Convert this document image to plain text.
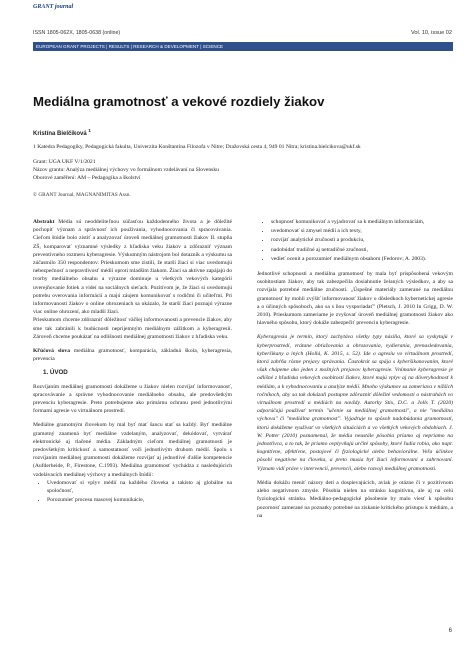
GRANT journal
ISSN 1805-062X, 1805-0638 (online)	Vol. 10, issue 02
EUROPEAN GRANT PROJECTS | RESULTS | RESEARCH & DEVELOPMENT | SCIENCE
Mediálna gramotnosť a vekové rozdiely žiakov
Kristína Bielčiková $^1$
1 Katedra Pedagogiky, Pedagogická fakulta, Univerzita Konštantína Filozofa v Nitre; Dražovská cesta 4, 949 01 Nitra; kristina.bielcikova@ukf.sk
Grant: UGA UKF V/1/2021
Názov grantu: Analýza mediálnej výchovy vo formálnom vzdelávaní na Slovensku
Oborové zaměření: AM – Pedagogika a školství
© GRANT Journal, MAGNANIMITAS Assn.

Abstrakt Média sú neoddeliteľnou súčasťou každodenného života a je dôležité pochopiť význam a správnosť ich používania, vyhodnocovania či spracovávania. Cieľom štúdie bolo zistiť a analyzovať úroveň mediálnej gramotnosti žiakov II. stupňa ZŠ, komparovať významné výsledky z hľadiska veku žiakov a zdôrazniť význam preventívneho rozmeru kyberagresie. Výskumným nástrojom bol dotazník a výskumu sa zúčastnilo 350 respondentov. Prieskumom sme zistili, že starší žiaci si viac uvedomujú nebezpečnosť a nepravdivosť médií oproti mladším žiakom. Žiaci sa aktívne zapájajú do tvorby mediálneho obsahu a výrazne dominuje u všetkých vekových kategórií uverejňovanie fotiek a videí na sociálnych sieťach. Pozitívom je, že žiaci si uvedomujú potrebu overovania informácií a majú záujem komunikovať s rodičmi či učiteľmi. Pri informovanosti žiakov o online ohrozeniach sa ukázalo, že starší žiaci poznajú výrazne viac online ohrození, ako mladší žiaci.

Prieskumom chceme zdôrazniť dôležitosť väčšej informovanosti a prevencie žiakov, aby sme tak zabránili k budúcnosti neprijemným mediálnym zážitkom a kyberagresii. Zároveň chceme poukázať na odlišnosti mediálnej gramotnosti žiakov z hľadiska veku.

Kľúčová slova mediálna gramotnosť, komparácia, základná škola, kyberagresia, prevencia

1. ÚVOD

Rozvíjaním mediálnej gramotnosti dokážeme u žiakov nielen rozvíjať informovanosť, spracovávanie a správne vyhodnocovanie mediálneho obsahu, ale predovšetkým prevenciu kyberagresie. Preto potrebujeme ako primárnu ochranu pred jednotlivými formami agresie vo virtuálnom prostredí.

Mediálne gramotným človekom by mal byť mať šancu stať sa každý. Byť mediálne gramotný znamená byť mediálne vzdelaným, analyzovať, dekódovať, vytvárať elektronické aj tlačené média. Základným cieľom mediálnej gramotnosti je predovšetkým kritickosť a samostatnosť voči jednotlivým druhom médií. Spolu s rozvíjaním mediálnej gramotnosti dokážeme rozvíjať aj jednotlivé ďalšie kompetencie (Aufderheide, P., Firestone, C.1993). Mediálna gramotnosť vychádza z nasledujúcich vzdelávacích mediálnej výchovy a mediálnych štúdií:

• Uvedomovať si vplyv médií na každého človeka a takisto aj globálne na spoločnosť,
• Porozumieť procesu masovej komunikácie,
• schopnosť komunikovať a vyjadrovať sa k mediálnym informáciám,
• uvedomovať si zmysel médií a ich texty,
• rozvíjať analytické zručnosti a produkciu,
• nadobúdať tradičné aj netradičné zručnosti,
• vedieť ocenit a porozumieť mediálnym obsahom (Fedorov; A. 2003).

Jednotlivé schopnosti a mediálna gramotnosť by mala byť prispôsobená vekovým osobitostiam žiakov, aby tak zabezpečila dosiahnutie želaných výsledkov, a aby sa rozvíjala potrebné mediálne zručnosti. „Úspešné materiály zamerané na mediálnu gramotnosť by mohli zvýšiť informovanosť žiakov o dôsledkoch kybernetickej agresie a o účinných spôsoboch, ako sa s ňou vysporiadať" (Pletsch, J. 2010 In Grigg, D. W. 2010). Prieskumom zameriame je zvyšovať úroveň mediálnej gramotnosti žiakov ako hlavného spôsobu, ktorý dokáže zabezpečiť prevenciu kyberagresie.

Kyberagresia je termín, ktorý zachytáva všetky typy násilia, ktoré sa vyskytujú v kyberprostredí, vrátane obťažovania a ohrozovania, vydierania, prenasledovania, kyberšikany a iných (Hollá, K. 2015, s. 52). Ide o agresiu vo virtuálnom prostredí, ktorá zahŕňa rôzne prejavy správania. Častokrát sa spája s kyberšikanovaním, ktoré však chápeme ako jeden z možných prejavov kyberagresie. Vnímanie kyberagresie je odlišné z hľadiska vekových osobitostí žiakov, ktoré majú vplyv aj na dôveryhodnosť k médiám, a k vyhodnocovaniu a analýze médií. Mnoho výskumov sa zameriava v nižších ročníkoch, aby sa tak dokázali postupne zdôrazniť dôležité vedomosti o nástrahách vo virtuálnom prostredí a médiách na navždy. Autorky Stix, D.C. a Jolls T. (2020) odporúčajú používať termín "učenie sa mediálnej gramotnosti", a nie "mediálna výchova" či "mediálna gramotnosť". Vyjadruje to spôsob nadobúdania gramotnosti, ktorú dokážeme využívať vo všetkých situáciách a vo všetkých vekových obdobiach. J. W. Potter (2010) poznamenal, že média neustále pôsobia priamo aj nepriamo na jednotlivca, a to tak, že priamo ovplyvňujú určité spôsoby, ktoré ľudia robia, ako napr. kognitívne, afektívne, postojové či fyziologické alebo behaviorálne. Veľa účinkov pôsobí negatívne na človeka, a preto musia byť žiaci informovaní a zahrnovaní. Význam vidí práve v intervencii, prevencii, alebo rozvoji mediálnej gramotnosti.

Média dokážu meniť názory detí a dospievajúcich, aviak je otázne či v pozitívnom alebo negatívnom zmysle. Pôsobia nielen na stránku kognitívnu, ale aj na celú fyziologickú stránku. Mediálno-pedagogické pôsobenie by malo viesť k spôsobu pozornosť zamerané na poznatky potrebné na získanie kritického prístupu k médiám, a na

6
